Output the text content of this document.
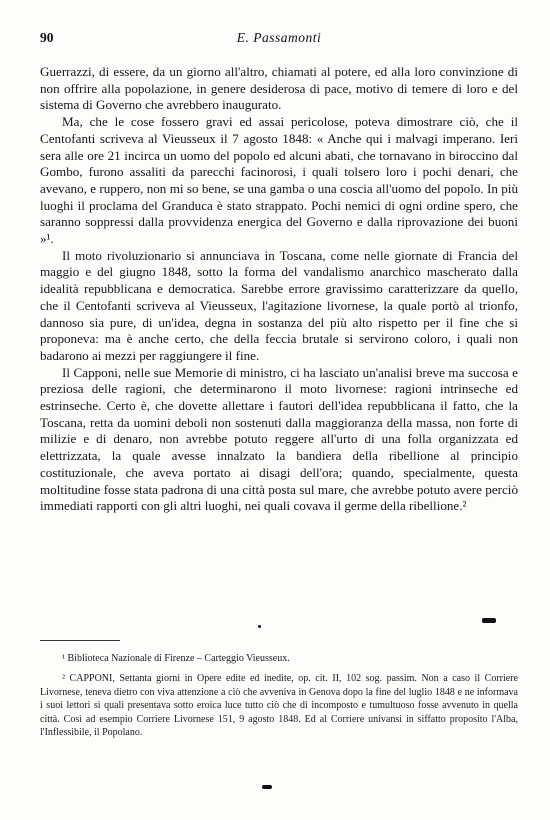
90	E. Passamonti

Guerrazzi, di essere, da un giorno all'altro, chiamati al potere, ed alla loro convinzione di non offrire alla popolazione, in genere desiderosa di pace, motivo di temere di loro e del sistema di Governo che avrebbero inaugurato.

Ma, che le cose fossero gravi ed assai pericolose, poteva dimostrare ciò, che il Centofanti scriveva al Vieusseux il 7 agosto 1848: « Anche qui i malvagi imperano. Ieri sera alle ore 21 incirca un uomo del popolo ed alcuni abati, che tornavano in biroccino dal Gombo, furono assaliti da parecchi facinorosi, i quali tolsero loro i pochi denari, che avevano, e ruppero, non mi so bene, se una gamba o una coscia all'uomo del popolo. In più luoghi il proclama del Granduca è stato strappato. Pochi nemici di ogni ordine spero, che saranno soppressi dalla provvidenza energica del Governo e dalla riprovazione dei buoni »¹.

Il moto rivoluzionario si annunciava in Toscana, come nelle giornate di Francia del maggio e del giugno 1848, sotto la forma del vandalismo anarchico mascherato dalla idealità repubblicana e democratica. Sarebbe errore gravissimo caratterizzare da quello, che il Centofanti scriveva al Vieusseux, l'agitazione livornese, la quale portò al trionfo, dannoso sia pure, di un'idea, degna in sostanza del più alto rispetto per il fine che si proponeva: ma è anche certo, che della feccia brutale si servirono coloro, i quali non badarono ai mezzi per raggiungere il fine.

Il Capponi, nelle sue Memorie di ministro, ci ha lasciato un'analisi breve ma succosa e preziosa delle ragioni, che determinarono il moto livornese: ragioni intrinseche ed estrinseche. Certo è, che dovette allettare i fautori dell'idea repubblicana il fatto, che la Toscana, retta da uomini deboli non sostenuti dalla maggioranza della massa, non forte di milizie e di denaro, non avrebbe potuto reggere all'urto di una folla organizzata ed elettrizzata, la quale avesse innalzato la bandiera della ribellione al principio costituzionale, che aveva portato ai disagi dell'ora; quando, specialmente, questa moltitudine fosse stata padrona di una città posta sul mare, che avrebbe potuto avere perciò immediati rapporti con gli altri luoghi, nei quali covava il germe della ribellione.²

¹ Biblioteca Nazionale di Firenze – Carteggio Vieusseux.

² CAPPONI, Settanta giorni in Opere edite ed inedite, op. cit. II, 102 sog. passim. Non a caso il Corriere Livornese, teneva dietro con viva attenzione a ciò che avveniva in Genova dopo la fine del luglio 1848 e ne informava i suoi lettori si quali presentava sotto eroica luce tutto ciò che di incomposto e tumultuoso fosse avvenuto in quella città. Così ad esempio Corriere Livornese 151, 9 agosto 1848. Ed al Corriere univansi in siffatto proposito l'Alba, l'Inflessibile, il Popolano.
